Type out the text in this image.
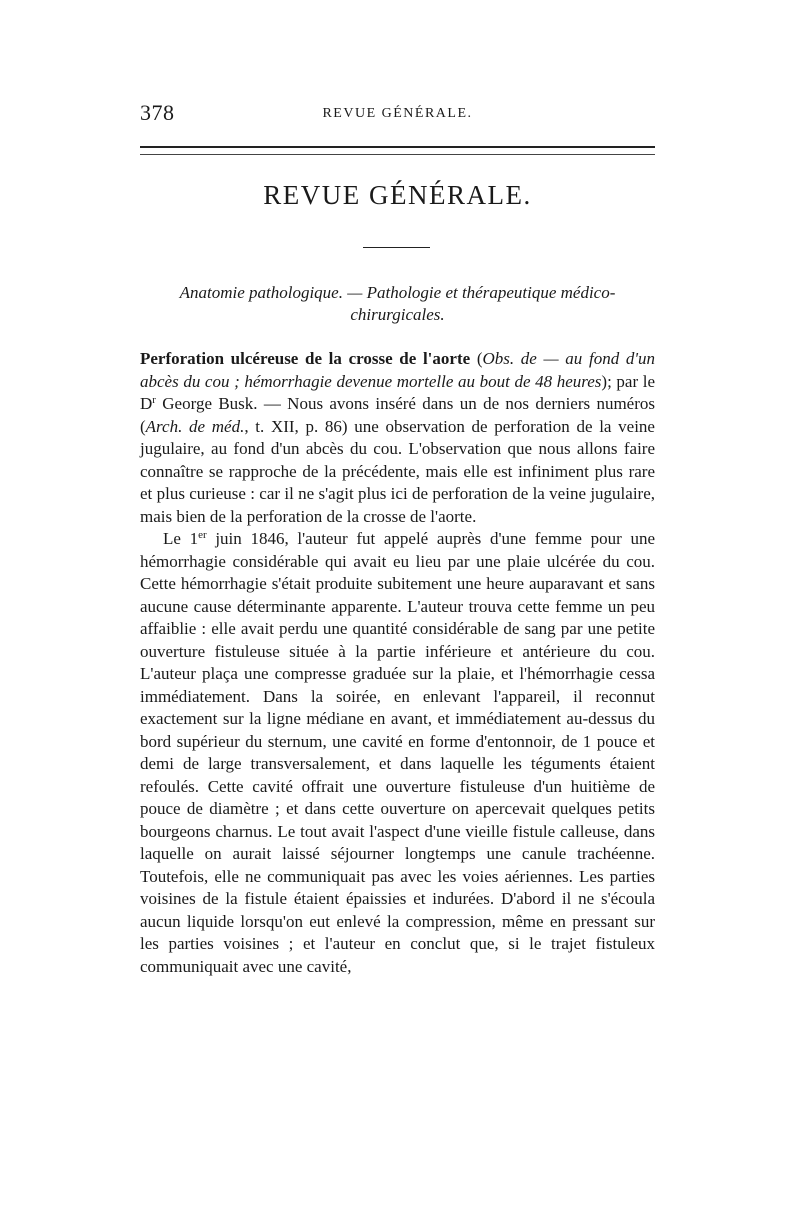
378	REVUE GÉNÉRALE.
REVUE GÉNÉRALE.
Anatomie pathologique. — Pathologie et thérapeutique médico-chirurgicales.

Perforation ulcéreuse de la crosse de l'aorte (Obs. de — au fond d'un abcès du cou ; hémorrhagie devenue mortelle au bout de 48 heures); par le $D^r$ George Busk. — Nous avons inséré dans un de nos derniers numéros (Arch. de méd., t. XII, p. 86) une observation de perforation de la veine jugulaire, au fond d'un abcès du cou. L'observation que nous allons faire connaître se rapproche de la précédente, mais elle est infiniment plus rare et plus curieuse : car il ne s'agit plus ici de perforation de la veine jugulaire, mais bien de la perforation de la crosse de l'aorte.

Le 1er juin 1846, l'auteur fut appelé auprès d'une femme pour une hémorrhagie considérable qui avait eu lieu par une plaie ulcérée du cou. Cette hémorrhagie s'était produite subitement une heure auparavant et sans aucune cause déterminante apparente. L'auteur trouva cette femme un peu affaiblie : elle avait perdu une quantité considérable de sang par une petite ouverture fistuleuse située à la partie inférieure et antérieure du cou. L'auteur plaça une compresse graduée sur la plaie, et l'hémorrhagie cessa immédiatement. Dans la soirée, en enlevant l'appareil, il reconnut exactement sur la ligne médiane en avant, et immédiatement au-dessus du bord supérieur du sternum, une cavité en forme d'entonnoir, de 1 pouce et demi de large transversalement, et dans laquelle les téguments étaient refoulés. Cette cavité offrait une ouverture fistuleuse d'un huitième de pouce de diamètre ; et dans cette ouverture on apercevait quelques petits bourgeons charnus. Le tout avait l'aspect d'une vieille fistule calleuse, dans laquelle on aurait laissé séjourner longtemps une canule trachéenne. Toutefois, elle ne communiquait pas avec les voies aériennes. Les parties voisines de la fistule étaient épaissies et indurées. D'abord il ne s'écoula aucun liquide lorsqu'on eut enlevé la compression, même en pressant sur les parties voisines ; et l'auteur en conclut que, si le trajet fistuleux communiquait avec une cavité,
